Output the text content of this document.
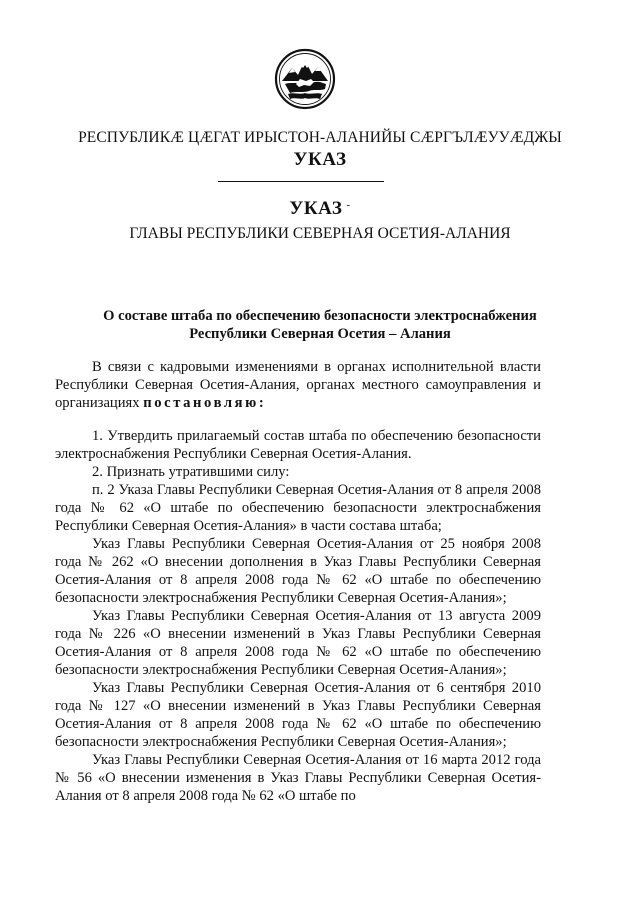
РЕСПУБЛИКÆ ЦÆГАТ ИРЫСТОН-АЛАНИЙЫ СÆРГЪЛÆУУÆДЖЫ
УКАЗ
УКАЗ -
ГЛАВЫ РЕСПУБЛИКИ СЕВЕРНАЯ ОСЕТИЯ-АЛАНИЯ
О составе штаба по обеспечению безопасности электроснабжения
Республики Северная Осетия – Алания

В связи с кадровыми изменениями в органах исполнительной власти Республики Северная Осетия-Алания, органах местного самоуправления и организациях постановляю:

1. Утвердить прилагаемый состав штаба по обеспечению безопасности электроснабжения Республики Северная Осетия-Алания.

2. Признать утратившими силу:

п. 2 Указа Главы Республики Северная Осетия-Алания от 8 апреля 2008 года № 62 «О штабе по обеспечению безопасности электроснабжения Республики Северная Осетия-Алания» в части состава штаба;

Указ Главы Республики Северная Осетия-Алания от 25 ноября 2008 года № 262 «О внесении дополнения в Указ Главы Республики Северная Осетия-Алания от 8 апреля 2008 года № 62 «О штабе по обеспечению безопасности электроснабжения Республики Северная Осетия-Алания»;

Указ Главы Республики Северная Осетия-Алания от 13 августа 2009 года № 226 «О внесении изменений в Указ Главы Республики Северная Осетия-Алания от 8 апреля 2008 года № 62 «О штабе по обеспечению безопасности электроснабжения Республики Северная Осетия-Алания»;

Указ Главы Республики Северная Осетия-Алания от 6 сентября 2010 года № 127 «О внесении изменений в Указ Главы Республики Северная Осетия-Алания от 8 апреля 2008 года № 62 «О штабе по обеспечению безопасности электроснабжения Республики Северная Осетия-Алания»;

Указ Главы Республики Северная Осетия-Алания от 16 марта 2012 года № 56 «О внесении изменения в Указ Главы Республики Северная Осетия-Алания от 8 апреля 2008 года № 62 «О штабе по
